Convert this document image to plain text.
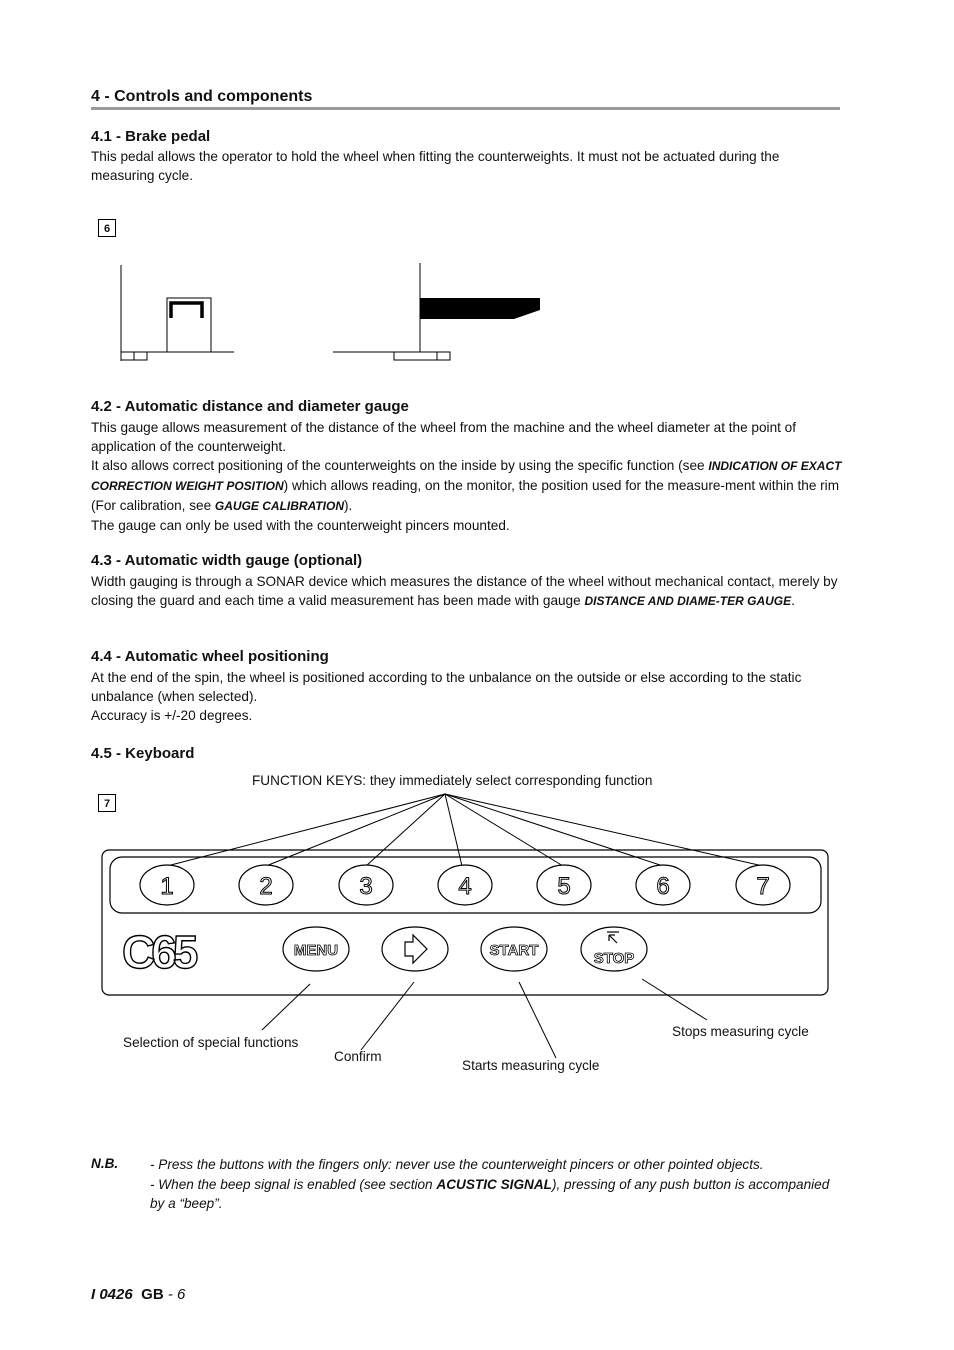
4 - Controls and components
4.1 - Brake pedal
This pedal allows the operator to hold the wheel when fitting the counterweights. It must not be actuated during the measuring cycle.
6
4.2 - Automatic distance and diameter gauge
This gauge allows measurement of the distance of the wheel from the machine and the wheel diameter at the point of application of the counterweight.
It also allows correct positioning of the counterweights on the inside by using the specific function (see INDICATION OF EXACT CORRECTION WEIGHT POSITION) which allows reading, on the monitor, the position used for the measure-ment within the rim (For calibration, see GAUGE CALIBRATION).
The gauge can only be used with the counterweight pincers mounted.
4.3 - Automatic width gauge (optional)
Width gauging is through a SONAR device which measures the distance of the wheel without mechanical contact, merely by closing the guard and each time a valid measurement has been made with gauge DISTANCE AND DIAME-TER GAUGE.
4.4 - Automatic wheel positioning
At the end of the spin, the wheel is positioned according to the unbalance on the outside or else according to the static unbalance (when selected).
Accuracy is +/-20 degrees.
4.5 - Keyboard
FUNCTION KEYS: they immediately select corresponding function
7
1	2	3	4	5	6	7
C65	MENU	START	STOP
Selection of special functions
Confirm
Starts measuring cycle
Stops measuring cycle
N.B. - Press the buttons with the fingers only: never use the counterweight pincers or other pointed objects.
- When the beep signal is enabled (see section ACUSTIC SIGNAL), pressing of any push button is accompanied by a “beep”.
I 0426 GB - 6
